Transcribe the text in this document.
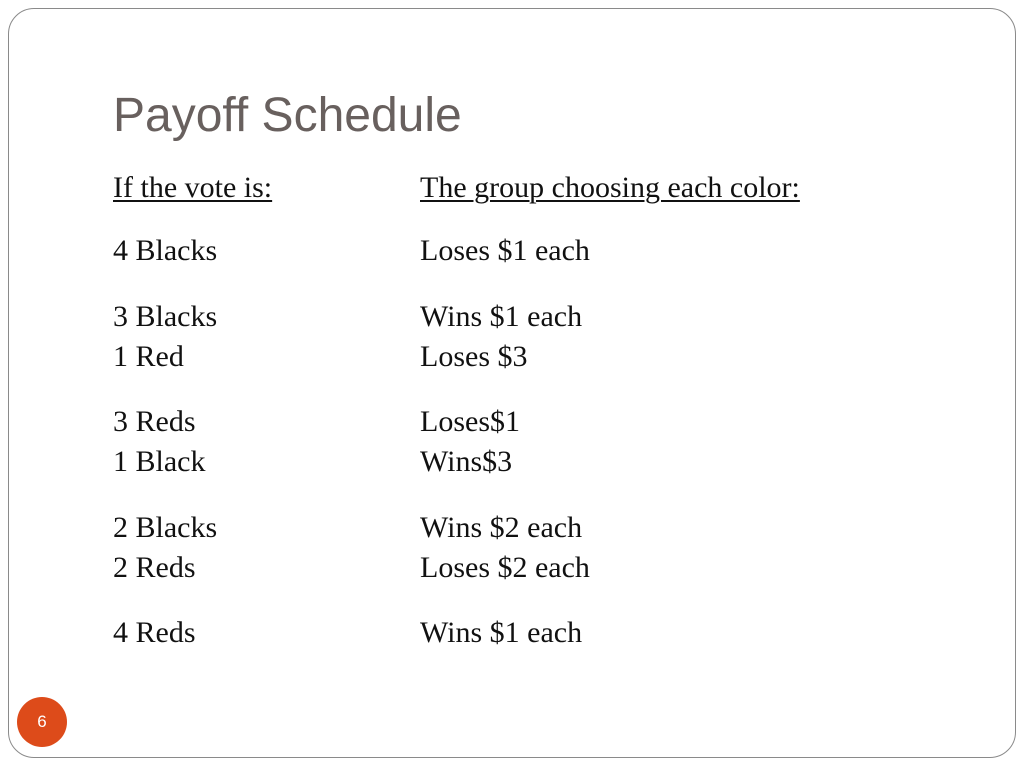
Payoff Schedule
If the vote is:	The group choosing each color:
4 Blacks	Loses $1 each
3 Blacks	Wins $1 each
1 Red	Loses $3
3 Reds	Loses$1
1 Black	Wins$3
2 Blacks	Wins $2 each
2 Reds	Loses $2 each
4 Reds	Wins $1 each
6
